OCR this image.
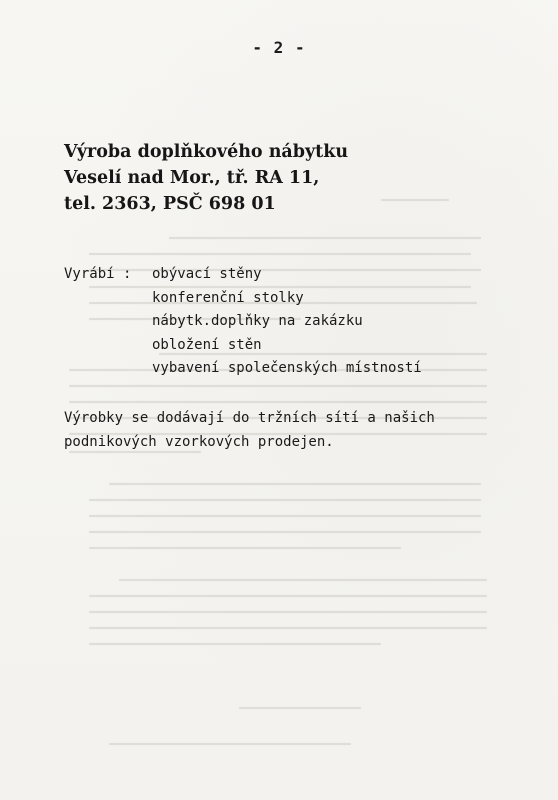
- 2 -
Výroba doplňkového nábytku
Veselí nad Mor., tř. RA 11,
tel. 2363, PSČ 698 01
Vyrábí : obývací stěny
konferenční stolky
nábytk.doplňky na zakázku
obložení stěn
vybavení společenských místností
Výrobky se dodávají do tržních sítí a našich
podnikových vzorkových prodejen.
